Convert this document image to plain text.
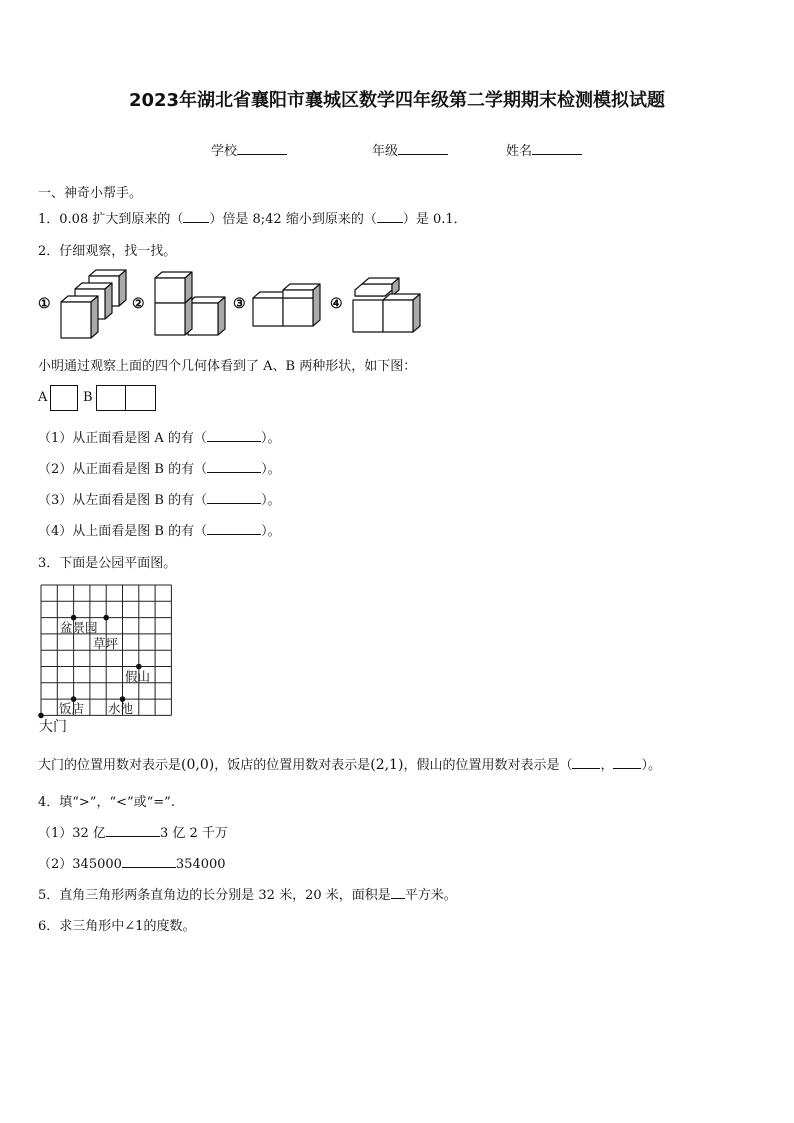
2023年湖北省襄阳市襄城区数学四年级第二学期期末检测模拟试题
学校	年级	姓名
一、神奇小帮手。
1．0.08 扩大到原来的（ ）倍是 8;42 缩小到原来的（ ）是 0.1．
2．仔细观察，找一找。
①	②	③	④
小明通过观察上面的四个几何体看到了 A、B 两种形状，如下图：
A	B
（1）从正面看是图 A 的有（	）。
（2）从正面看是图 B 的有（	）。
（3）从左面看是图 B 的有（	）。
（4）从上面看是图 B 的有（	）。
3．下面是公园平面图。
盆景园
草坪
假山
饭店 水池
大门
大门的位置用数对表示是(0,0)，饭店的位置用数对表示是(2,1)，假山的位置用数对表示是（ ， ）。
4．填“>”，“<”或“=”.
（1）32 亿	3 亿 2 千万
（2）345000	354000
5．直角三角形两条直角边的长分别是 32 米，20 米，面积是 平方米。
6．求三角形中∠1的度数。
